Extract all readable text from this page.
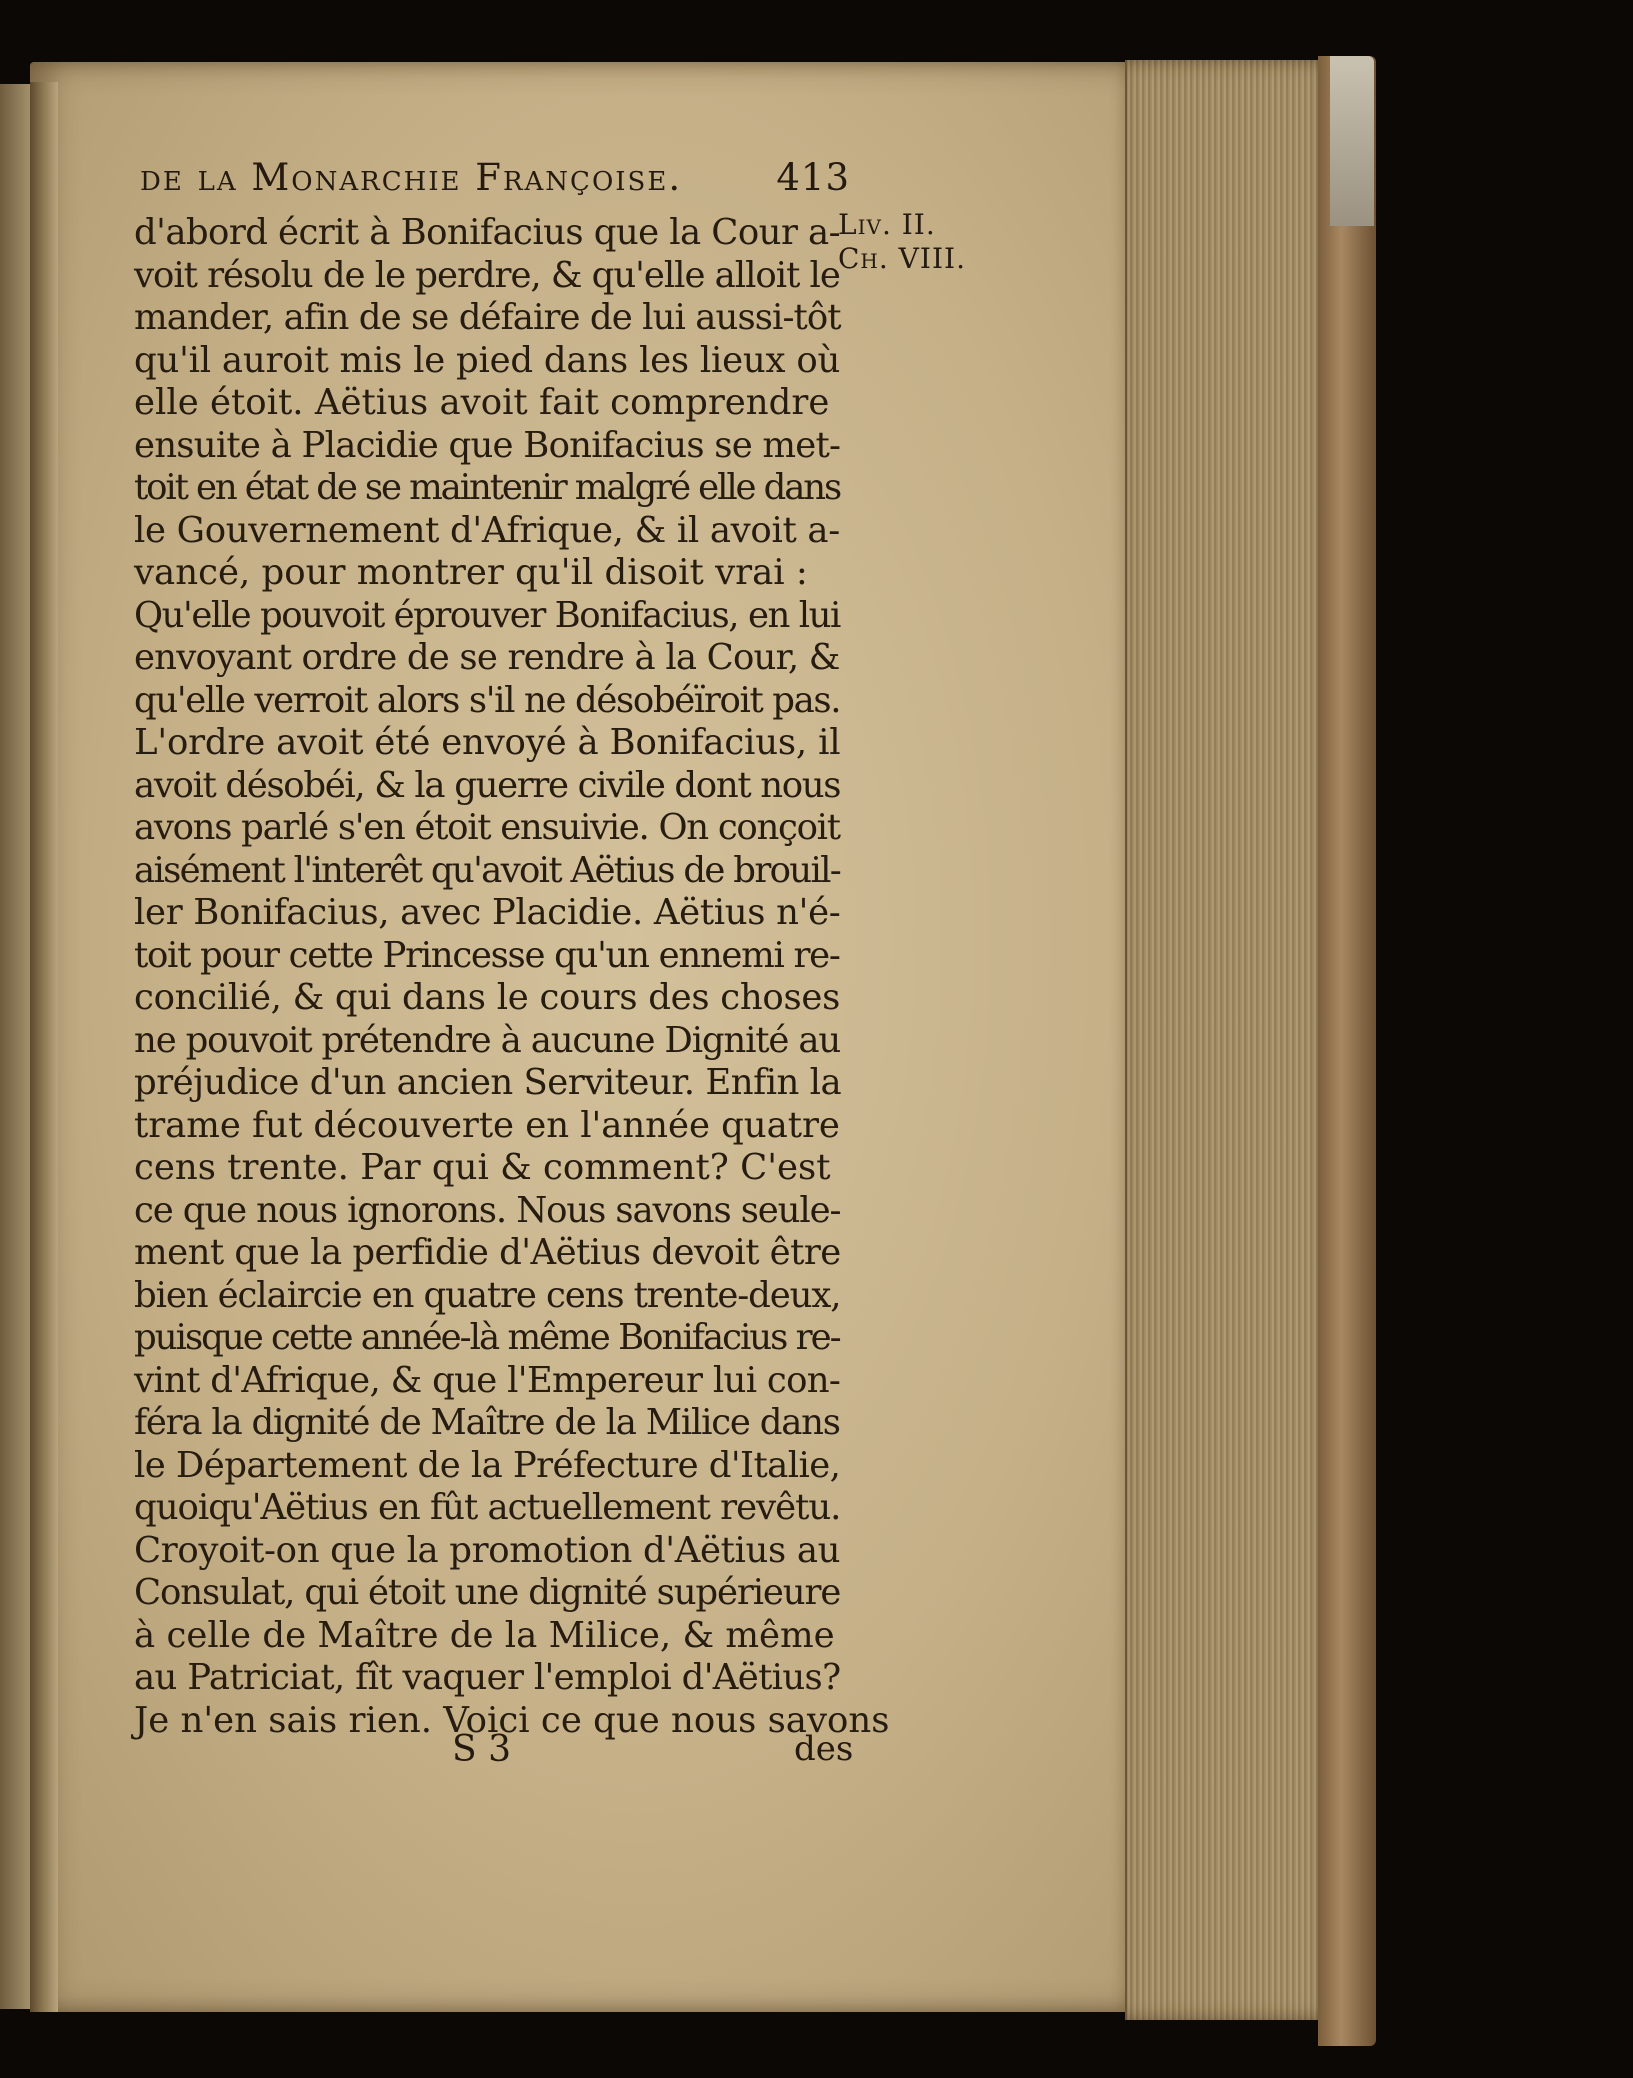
de la Monarchie Françoise.	413
Liv. II.
Ch. VIII.
d'abord écrit à Bonifacius que la Cour a-
voit résolu de le perdre, & qu'elle alloit le
mander, afin de se défaire de lui aussi-tôt
qu'il auroit mis le pied dans les lieux où
elle étoit. Aëtius avoit fait comprendre
ensuite à Placidie que Bonifacius se met-
toit en état de se maintenir malgré elle dans
le Gouvernement d'Afrique, & il avoit a-
vancé, pour montrer qu'il disoit vrai :
Qu'elle pouvoit éprouver Bonifacius, en lui
envoyant ordre de se rendre à la Cour, &
qu'elle verroit alors s'il ne désobéïroit pas.
L'ordre avoit été envoyé à Bonifacius, il
avoit désobéi, & la guerre civile dont nous
avons parlé s'en étoit ensuivie. On conçoit
aisément l'interêt qu'avoit Aëtius de brouil-
ler Bonifacius, avec Placidie. Aëtius n'é-
toit pour cette Princesse qu'un ennemi re-
concilié, & qui dans le cours des choses
ne pouvoit prétendre à aucune Dignité au
préjudice d'un ancien Serviteur. Enfin la
trame fut découverte en l'année quatre
cens trente. Par qui & comment? C'est
ce que nous ignorons. Nous savons seule-
ment que la perfidie d'Aëtius devoit être
bien éclaircie en quatre cens trente-deux,
puisque cette année-là même Bonifacius re-
vint d'Afrique, & que l'Empereur lui con-
féra la dignité de Maître de la Milice dans
le Département de la Préfecture d'Italie,
quoiqu'Aëtius en fût actuellement revêtu.
Croyoit-on que la promotion d'Aëtius au
Consulat, qui étoit une dignité supérieure
à celle de Maître de la Milice, & même
au Patriciat, fît vaquer l'emploi d'Aëtius?
Je n'en sais rien. Voici ce que nous savons
S 3	des
